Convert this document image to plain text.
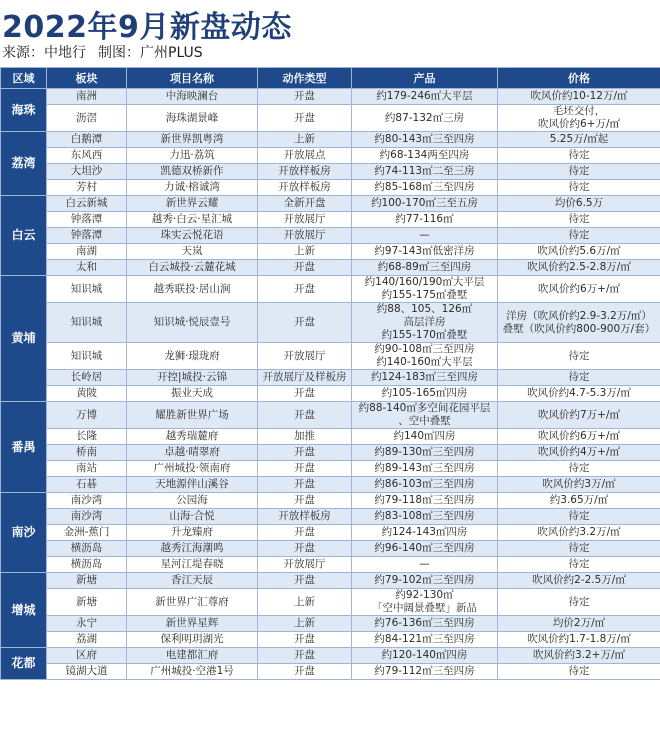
2022年9月新盘动态
来源：中地行 制图：广州PLUS
区域	板块	项目名称	动作类型	产品	价格
海珠	南洲	中海映澜台	开盘	约179-246㎡大平层	吹风价约10-12万/㎡

	沥滘	海珠湖景峰	开盘	约87-132㎡三房	毛坯交付，
吹风价约6+万/㎡

荔湾	白鹅潭	新世界凯粤湾	上新	约80-143㎡三至四房	5.25万/㎡起

	东风西	力迅·荔筑	开放展点	约68-134两至四房	待定

	大坦沙	凯德双桥新作	开放样板房	约74-113㎡二至三房	待定

	芳村	力诚·榕诚湾	开放样板房	约85-168㎡三至四房	待定

白云	白云新城	新世界云耀	全新开盘	约100-170㎡三至五房	均价6.5万

	钟落潭	越秀·白云·星汇城	开放展厅	约77-116㎡	待定

	钟落潭	珠实云悦花语	开放展厅	—	待定

	南湖	天岚	上新	约97-143㎡低密洋房	吹风价约5.6万/㎡

	太和	白云城投·云麓花城	开盘	约68-89㎡三至四房	吹风价约2.5-2.8万/㎡

黄埔	知识城	越秀联投·居山涧	开盘	约140/160/190㎡大平层
约155-175㎡叠墅	吹风价约6万+/㎡

	知识城	知识城·悦辰壹号	开盘	约88、105、126㎡
高层洋房
约155-170㎡叠墅	洋房（吹风价约2.9-3.2万/㎡）
叠墅（吹风价约800-900万/套）

	知识城	龙狮·璟珑府	开放展厅	约90-108㎡三至四房
约140-160㎡大平层	待定

	长岭居	开控|城投·云锦	开放展厅及样板房	约124-183㎡三至四房	待定

	黄陂	振业天成	开盘	约105-165㎡四房	吹风价约4.7-5.3万/㎡

番禺	万博	耀胜新世界广场	开盘	约88-140㎡多空间花园平层
、空中叠墅	吹风价约7万+/㎡

	长隆	越秀瑞麓府	加推	约140㎡四房	吹风价约6万+/㎡

	桥南	卓越·晴翠府	开盘	约89-130㎡三至四房	吹风价约4万+/㎡

	南站	广州城投·领南府	开盘	约89-143㎡三至四房	待定

	石碁	天地源伴山溪谷	开盘	约86-103㎡三至四房	吹风价约3万/㎡

南沙	南沙湾	公园海	开盘	约79-118㎡三至四房	约3.65万/㎡

	南沙湾	山海·合悦	开放样板房	约83-108㎡三至四房	待定

	金洲-蕉门	升龙臻府	开盘	约124-143㎡四房	吹风价约3.2万/㎡

	横沥岛	越秀江海潮鸣	开盘	约96-140㎡三至四房	待定

	横沥岛	星河江堤春晓	开放展厅	—	待定

增城	新塘	香江天辰	开盘	约79-102㎡三至四房	吹风价约2-2.5万/㎡

	新塘	新世界广汇尊府	上新	约92-130㎡
「空中阔景叠墅」新品	待定

	永宁	新世界星辉	上新	约76-136㎡三至四房	均价2万/㎡

	荔湖	保利明玥湖光	开盘	约84-121㎡三至四房	吹风价约1.7-1.8万/㎡

花都	区府	电建都汇府	开盘	约120-140㎡四房	吹风价约3.2+万/㎡

	镜湖大道	广州城投·空港1号	开盘	约79-112㎡三至四房	待定
